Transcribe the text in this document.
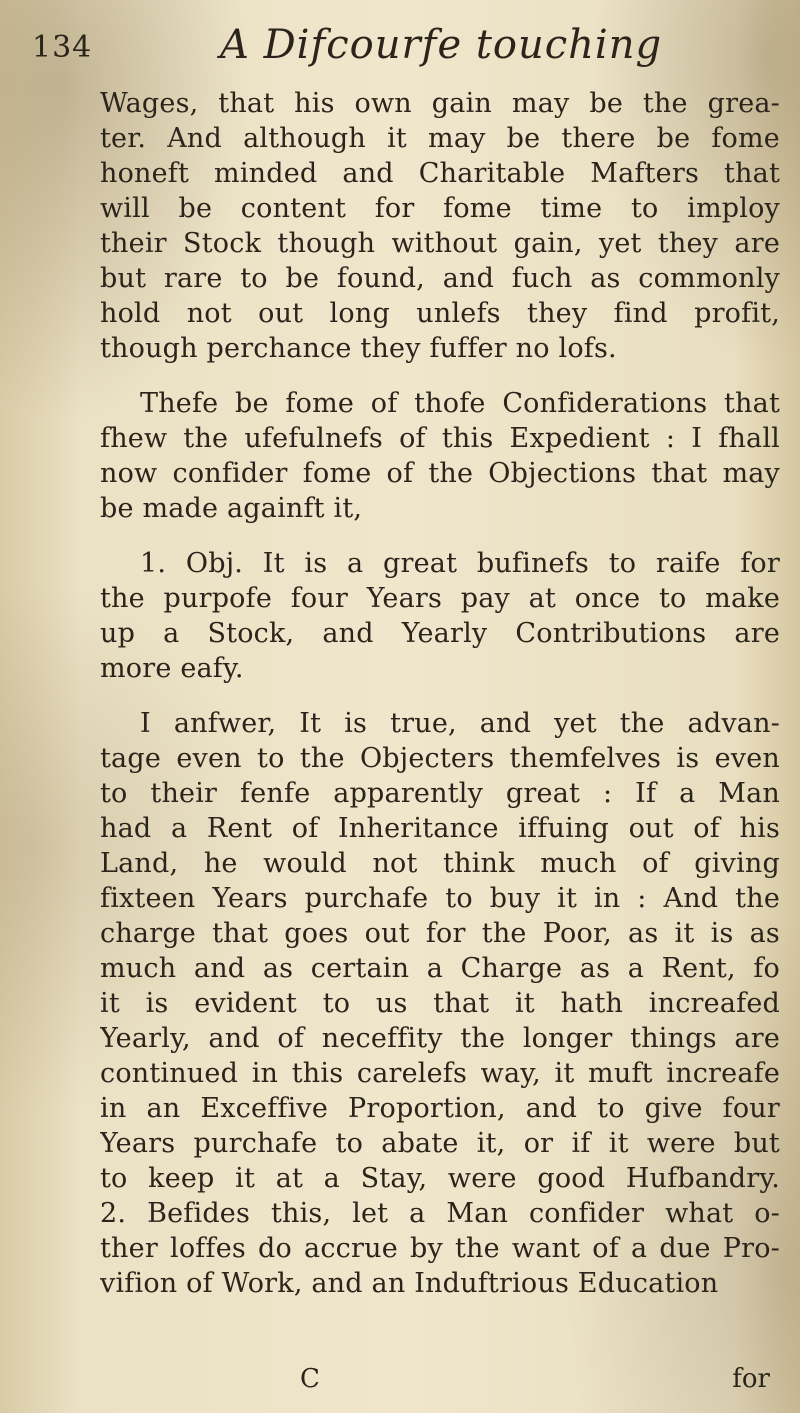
134	A Difcourfe touching
Wages, that his own gain may be the grea-
ter. And although it may be there be fome
honeft minded and Charitable Mafters that
will be content for fome time to imploy
their Stock though without gain, yet they are
but rare to be found, and fuch as commonly
hold not out long unlefs they find profit,
though perchance they fuffer no lofs.
Thefe be fome of thofe Confiderations that
fhew the ufefulnefs of this Expedient : I fhall
now confider fome of the Objections that may
be made againft it,
1. Obj. It is a great bufinefs to raife for
the purpofe four Years pay at once to make
up a Stock, and Yearly Contributions are
more eafy.
I anfwer, It is true, and yet the advan-
tage even to the Objecters themfelves is even
to their fenfe apparently great : If a Man
had a Rent of Inheritance iffuing out of his
Land, he would not think much of giving
fixteen Years purchafe to buy it in : And the
charge that goes out for the Poor, as it is as
much and as certain a Charge as a Rent, fo
it is evident to us that it hath increafed
Yearly, and of neceffity the longer things are
continued in this carelefs way, it muft increafe
in an Exceffive Proportion, and to give four
Years purchafe to abate it, or if it were but
to keep it at a Stay, were good Hufbandry.
2. Befides this, let a Man confider what o-
ther loffes do accrue by the want of a due Pro-
vifion of Work, and an Induftrious Education
C	for
